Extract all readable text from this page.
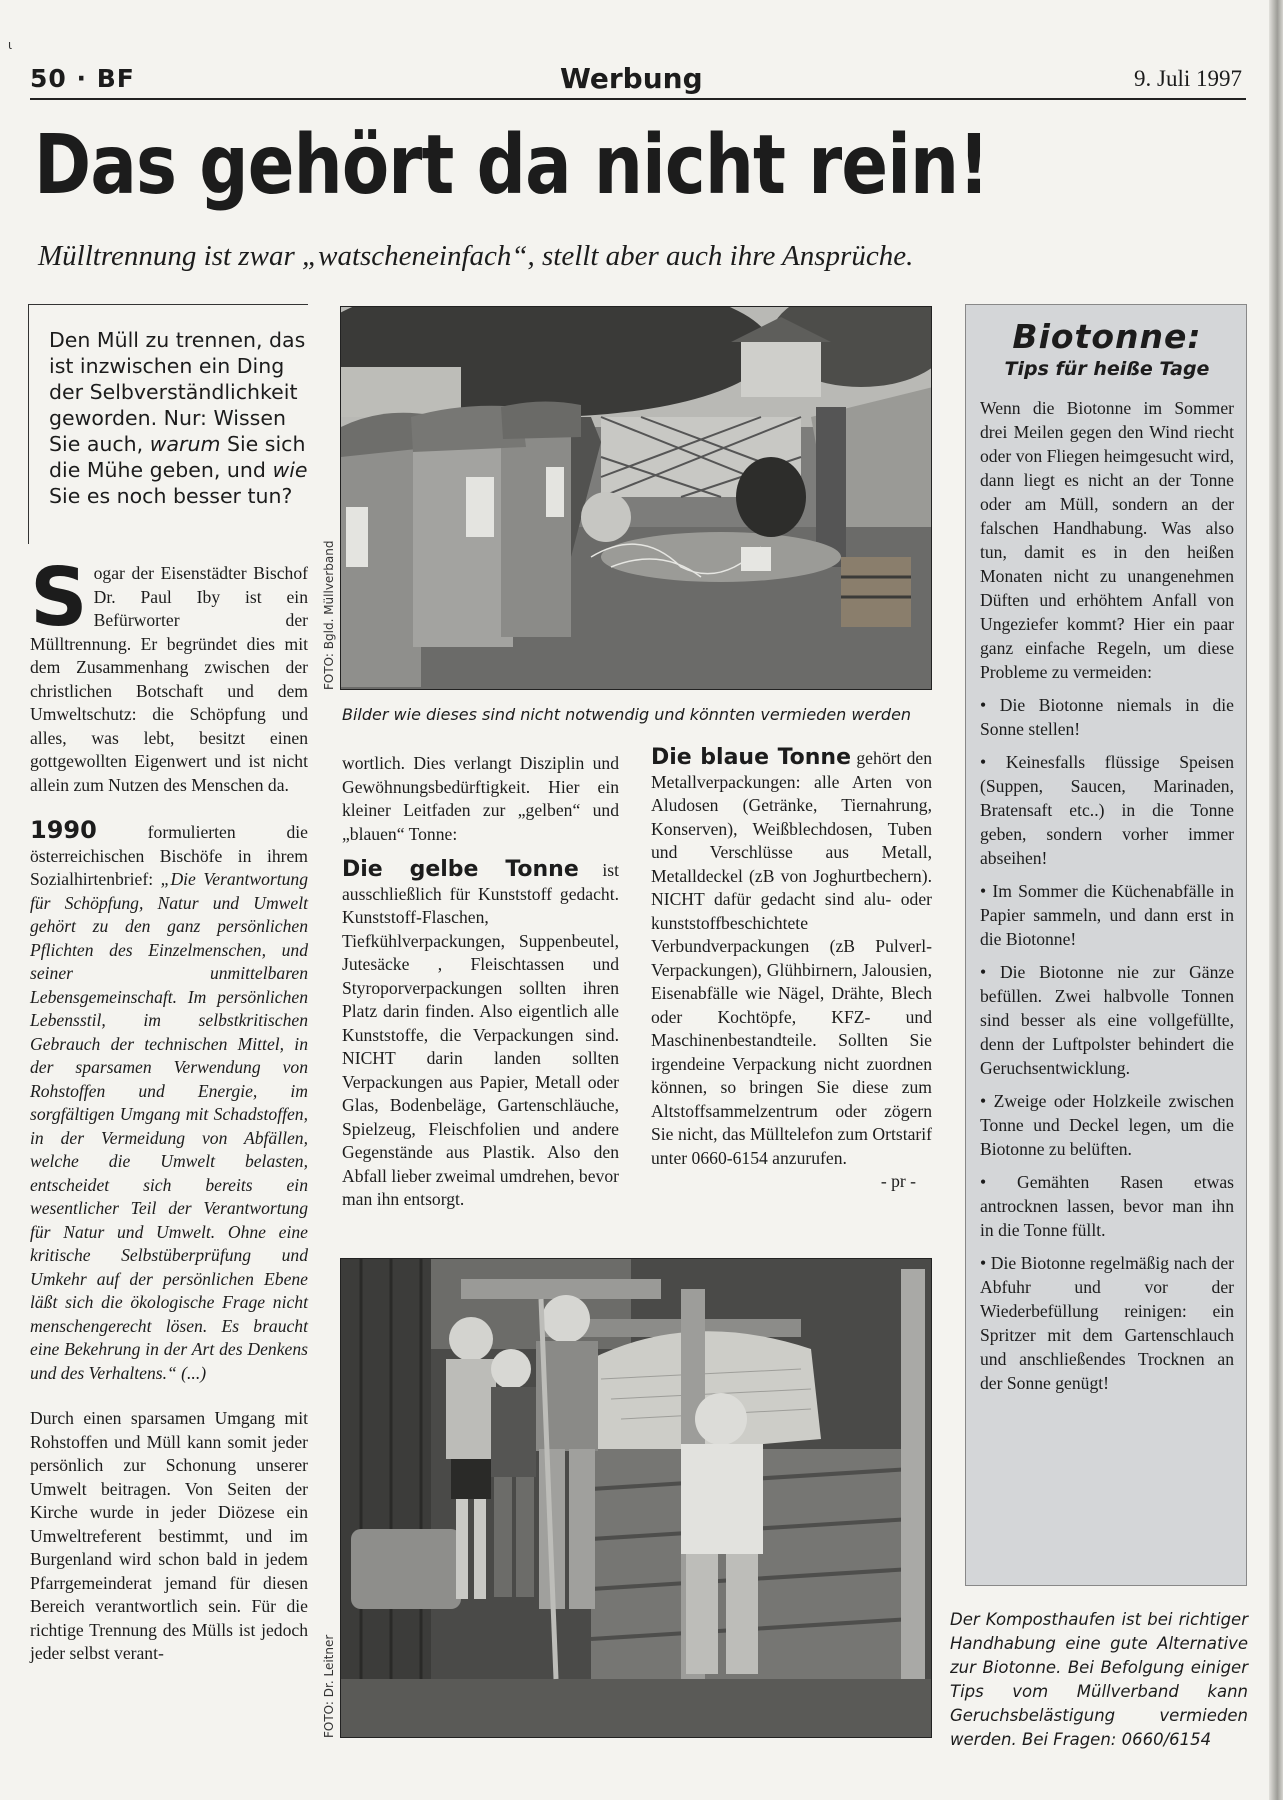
ɩ
50 · BF	Werbung	9. Juli 1997
Das gehört da nicht rein!
Mülltrennung ist zwar „watscheneinfach“, stellt aber auch ihre Ansprüche.
Den Müll zu trennen, das ist inzwischen ein Ding der Selbverständlichkeit geworden. Nur: Wissen Sie auch, warum Sie sich die Mühe geben, und wie Sie es noch besser tun?

Sogar der Eisenstädter Bischof Dr. Paul Iby ist ein Befürworter der Mülltrennung. Er begründet dies mit dem Zusammenhang zwischen der christlichen Botschaft und dem Umweltschutz: die Schöpfung und alles, was lebt, besitzt einen gottgewollten Eigenwert und ist nicht allein zum Nutzen des Menschen da.

1990 formulierten die österreichischen Bischöfe in ihrem Sozialhirtenbrief: „Die Verantwortung für Schöpfung, Natur und Umwelt gehört zu den ganz persönlichen Pflichten des Einzelmenschen, und seiner unmittelbaren Lebensgemeinschaft. Im persönlichen Lebensstil, im selbstkritischen Gebrauch der technischen Mittel, in der sparsamen Verwendung von Rohstoffen und Energie, im sorgfältigen Umgang mit Schadstoffen, in der Vermeidung von Abfällen, welche die Umwelt belasten, entscheidet sich bereits ein wesentlicher Teil der Verantwortung für Natur und Umwelt. Ohne eine kritische Selbstüberprüfung und Umkehr auf der persönlichen Ebene läßt sich die ökologische Frage nicht menschengerecht lösen. Es braucht eine Bekehrung in der Art des Denkens und des Verhaltens.“ (...)

Durch einen sparsamen Umgang mit Rohstoffen und Müll kann somit jeder persönlich zur Schonung unserer Umwelt beitragen. Von Seiten der Kirche wurde in jeder Diözese ein Umweltreferent bestimmt, und im Burgenland wird schon bald in jedem Pfarrgemeinderat jemand für diesen Bereich verantwortlich sein. Für die richtige Trennung des Mülls ist jedoch jeder selbst verant-

FOTO: Bgld. Müllverband
Bilder wie dieses sind nicht notwendig und könnten vermieden werden

wortlich. Dies verlangt Disziplin und Gewöhnungsbedürftigkeit. Hier ein kleiner Leitfaden zur „gelben“ und „blauen“ Tonne:

Die gelbe Tonne ist ausschließlich für Kunststoff gedacht. Kunststoff-Flaschen, Tiefkühlverpackungen, Suppenbeutel, Jutesäcke , Fleischtassen und Styroporverpackungen sollten ihren Platz darin finden. Also eigentlich alle Kunststoffe, die Verpackungen sind. NICHT darin landen sollten Verpackungen aus Papier, Metall oder Glas, Bodenbeläge, Gartenschläuche, Spielzeug, Fleischfolien und andere Gegenstände aus Plastik. Also den Abfall lieber zweimal umdrehen, bevor man ihn entsorgt.

Die blaue Tonne gehört den Metallverpackungen: alle Arten von Aludosen (Getränke, Tiernahrung, Konserven), Weißblechdosen, Tuben und Verschlüsse aus Metall, Metalldeckel (zB von Joghurtbechern). NICHT dafür gedacht sind alu- oder kunststoffbeschichtete Verbundverpackungen (zB Pulverl-Verpackungen), Glühbirnern, Jalousien, Eisenabfälle wie Nägel, Drähte, Blech oder Kochtöpfe, KFZ- und Maschinenbestandteile. Sollten Sie irgendeine Verpackung nicht zuordnen können, so bringen Sie diese zum Altstoffsammelzentrum oder zögern Sie nicht, das Mülltelefon zum Ortstarif unter 0660-6154 anzurufen.

- pr -

FOTO: Dr. Leitner
Biotonne:
Tips für heiße Tage

Wenn die Biotonne im Sommer drei Meilen gegen den Wind riecht oder von Fliegen heimgesucht wird, dann liegt es nicht an der Tonne oder am Müll, sondern an der falschen Handhabung. Was also tun, damit es in den heißen Monaten nicht zu unangenehmen Düften und erhöhtem Anfall von Ungeziefer kommt? Hier ein paar ganz einfache Regeln, um diese Probleme zu vermeiden:

• Die Biotonne niemals in die Sonne stellen!

• Keinesfalls flüssige Speisen (Suppen, Saucen, Marinaden, Bratensaft etc..) in die Tonne geben, sondern vorher immer abseihen!

• Im Sommer die Küchenabfälle in Papier sammeln, und dann erst in die Biotonne!

• Die Biotonne nie zur Gänze befüllen. Zwei halbvolle Tonnen sind besser als eine vollgefüllte, denn der Luftpolster behindert die Geruchsentwicklung.

• Zweige oder Holzkeile zwischen Tonne und Deckel legen, um die Biotonne zu belüften.

• Gemähten Rasen etwas antrocknen lassen, bevor man ihn in die Tonne füllt.

• Die Biotonne regelmäßig nach der Abfuhr und vor der Wiederbefüllung reinigen: ein Spritzer mit dem Gartenschlauch und anschließendes Trocknen an der Sonne genügt!

Der Komposthaufen ist bei richtiger Handhabung eine gute Alternative zur Biotonne. Bei Befolgung einiger Tips vom Müllverband kann Geruchsbelästigung vermieden werden. Bei Fragen: 0660/6154
